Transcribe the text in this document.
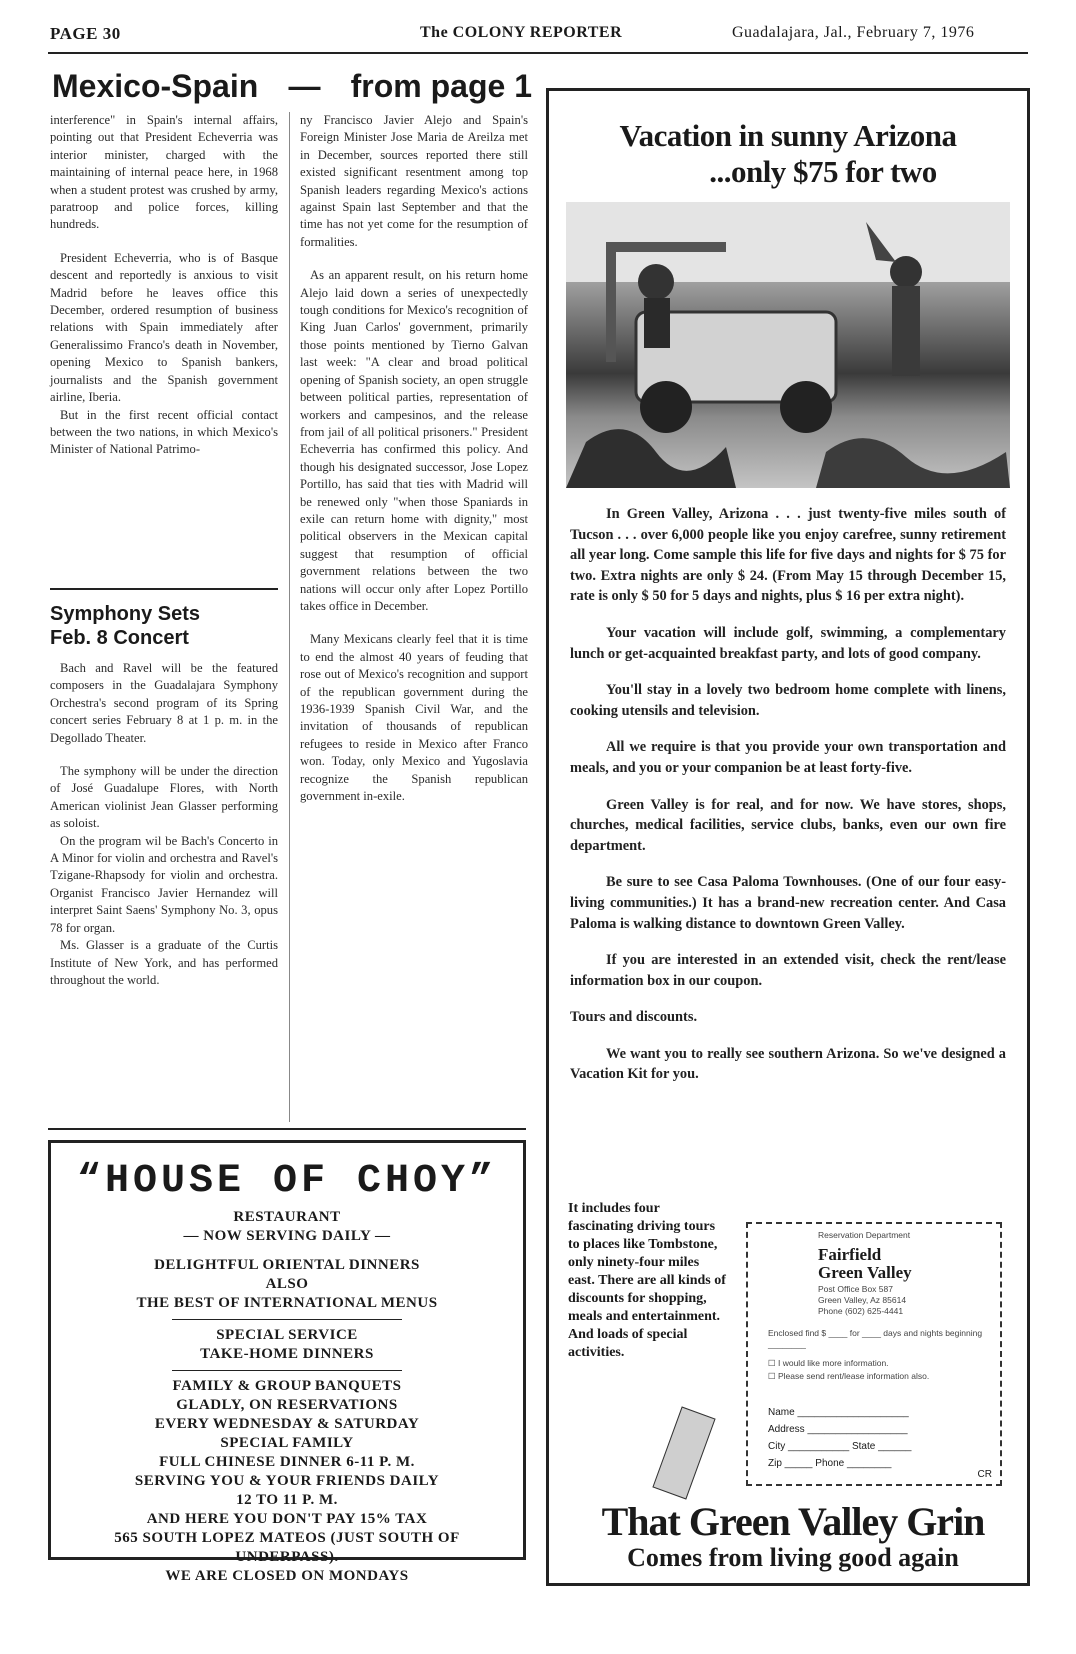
PAGE 30	The COLONY REPORTER	Guadalajara, Jal., February 7, 1976
Mexico-Spain — from page 1

interference" in Spain's internal affairs, pointing out that President Echeverria was interior minister, charged with the maintaining of internal peace here, in 1968 when a student protest was crushed by army, paratroop and police forces, killing hundreds.

President Echeverria, who is of Basque descent and reportedly is anxious to visit Madrid before he leaves office this December, ordered resumption of business relations with Spain immediately after Generalissimo Franco's death in November, opening Mexico to Spanish bankers, journalists and the Spanish government airline, Iberia.

But in the first recent official contact between the two nations, in which Mexico's Minister of National Patrimo-

ny Francisco Javier Alejo and Spain's Foreign Minister Jose Maria de Areilza met in December, sources reported there still existed significant resentment among top Spanish leaders regarding Mexico's actions against Spain last September and that the time has not yet come for the resumption of formalities.

As an apparent result, on his return home Alejo laid down a series of unexpectedly tough conditions for Mexico's recognition of King Juan Carlos' government, primarily those points mentioned by Tierno Galvan last week: "A clear and broad political opening of Spanish society, an open struggle between political parties, representation of workers and campesinos, and the release from jail of all political prisoners." President Echeverria has confirmed this policy. And though his designated successor, Jose Lopez Portillo, has said that ties with Madrid will be renewed only "when those Spaniards in exile can return home with dignity," most political observers in the Mexican capital suggest that resumption of official government relations between the two nations will occur only after Lopez Portillo takes office in December.

Many Mexicans clearly feel that it is time to end the almost 40 years of feuding that rose out of Mexico's recognition and support of the republican government during the 1936-1939 Spanish Civil War, and the invitation of thousands of republican refugees to reside in Mexico after Franco won. Today, only Mexico and Yugoslavia recognize the Spanish republican government in-exile.

Symphony Sets
Feb. 8 Concert

Bach and Ravel will be the featured composers in the Guadalajara Symphony Orchestra's second program of its Spring concert series February 8 at 1 p. m. in the Degollado Theater.

The symphony will be under the direction of José Guadalupe Flores, with North American violinist Jean Glasser performing as soloist.

On the program wil be Bach's Concerto in A Minor for violin and orchestra and Ravel's Tzigane-Rhapsody for violin and orchestra. Organist Francisco Javier Hernandez will interpret Saint Saens' Symphony No. 3, opus 78 for organ.

Ms. Glasser is a graduate of the Curtis Institute of New York, and has performed throughout the world.

“HOUSE OF CHOY”
RESTAURANT
— NOW SERVING DAILY —
DELIGHTFUL ORIENTAL DINNERS
ALSO
THE BEST OF INTERNATIONAL MENUS
SPECIAL SERVICE
TAKE-HOME DINNERS
FAMILY & GROUP BANQUETS
GLADLY, ON RESERVATIONS
EVERY WEDNESDAY & SATURDAY
SPECIAL FAMILY
FULL CHINESE DINNER 6-11 P. M.
SERVING YOU & YOUR FRIENDS DAILY
12 TO 11 P. M.
AND HERE YOU DON'T PAY 15% TAX
565 SOUTH LOPEZ MATEOS (JUST SOUTH OF
UNDERPASS).
WE ARE CLOSED ON MONDAYS
Vacation in sunny Arizona
...only $75 for two

In Green Valley, Arizona . . . just twenty-five miles south of Tucson . . . over 6,000 people like you enjoy carefree, sunny retirement all year long. Come sample this life for five days and nights for $ 75 for two. Extra nights are only $ 24. (From May 15 through December 15, rate is only $ 50 for 5 days and nights, plus $ 16 per extra night).

Your vacation will include golf, swimming, a complementary lunch or get-acquainted breakfast party, and lots of good company.

You'll stay in a lovely two bedroom home complete with linens, cooking utensils and television.

All we require is that you provide your own transportation and meals, and you or your companion be at least forty-five.

Green Valley is for real, and for now. We have stores, shops, churches, medical facilities, service clubs, banks, even our own fire department.

Be sure to see Casa Paloma Townhouses. (One of our four easy-living communities.) It has a brand-new recreation center. And Casa Paloma is walking distance to downtown Green Valley.

If you are interested in an extended visit, check the rent/lease information box in our coupon.

Tours and discounts.

We want you to really see southern Arizona. So we've designed a Vacation Kit for you.

It includes four fascinating driving tours to places like Tombstone, only ninety-four miles east. There are all kinds of discounts for shopping, meals and entertainment. And loads of special activities.
Reservation Department
Fairfield
Green Valley
Post Office Box 587
Green Valley, Az 85614
Phone (602) 625-4441
Enclosed find $ ____ for ____ days and nights beginning ________
☐ I would like more information.
☐ Please send rent/lease information also.
Name ____________________
Address __________________
City ___________ State ______
Zip _____ Phone ________
CR
That Green Valley Grin
Comes from living good again
